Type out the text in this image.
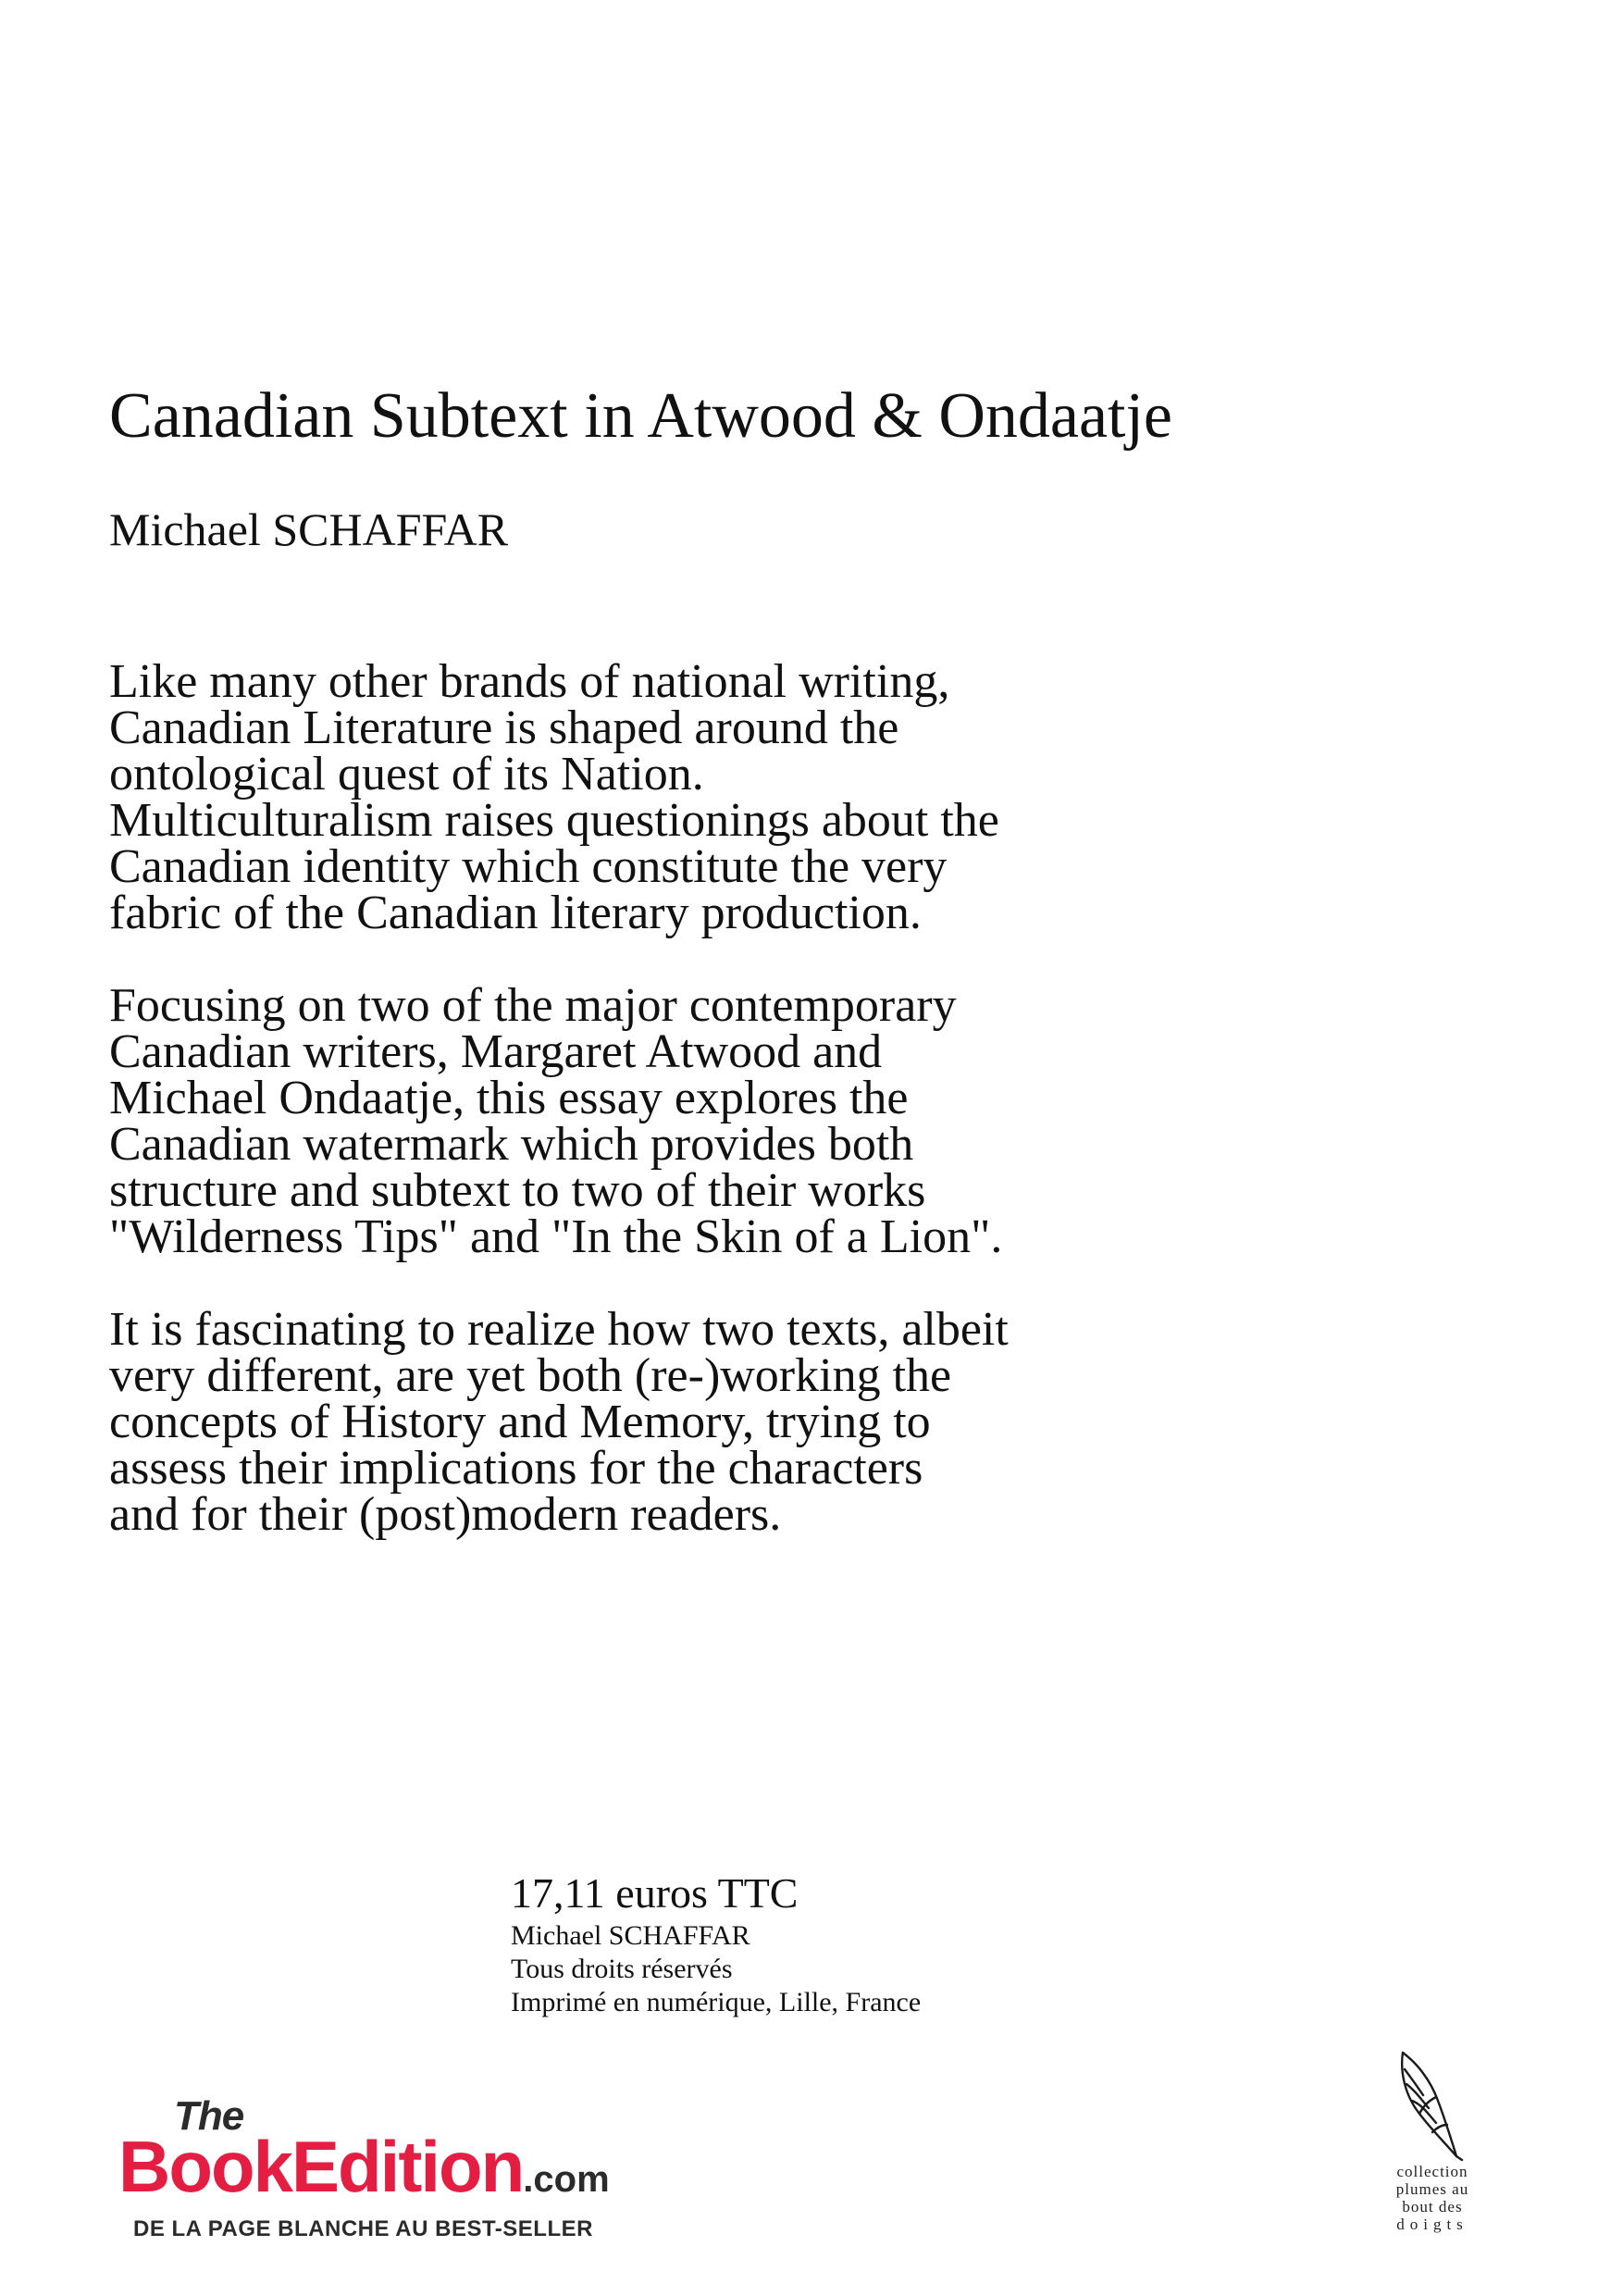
Canadian Subtext in Atwood & Ondaatje
Michael SCHAFFAR

Like many other brands of national writing,
Canadian Literature is shaped around the
ontological quest of its Nation.
Multiculturalism raises questionings about the
Canadian identity which constitute the very
fabric of the Canadian literary production.

Focusing on two of the major contemporary
Canadian writers, Margaret Atwood and
Michael Ondaatje, this essay explores the
Canadian watermark which provides both
structure and subtext to two of their works
"Wilderness Tips" and "In the Skin of a Lion".

It is fascinating to realize how two texts, albeit
very different, are yet both (re-)working the
concepts of History and Memory, trying to
assess their implications for the characters
and for their (post)modern readers.

17,11 euros TTC
Michael SCHAFFAR
Tous droits réservés
Imprimé en numérique, Lille, France
The
BookEdition.com
DE LA PAGE BLANCHE AU BEST-SELLER
collection
plumes au
bout des
doigts
